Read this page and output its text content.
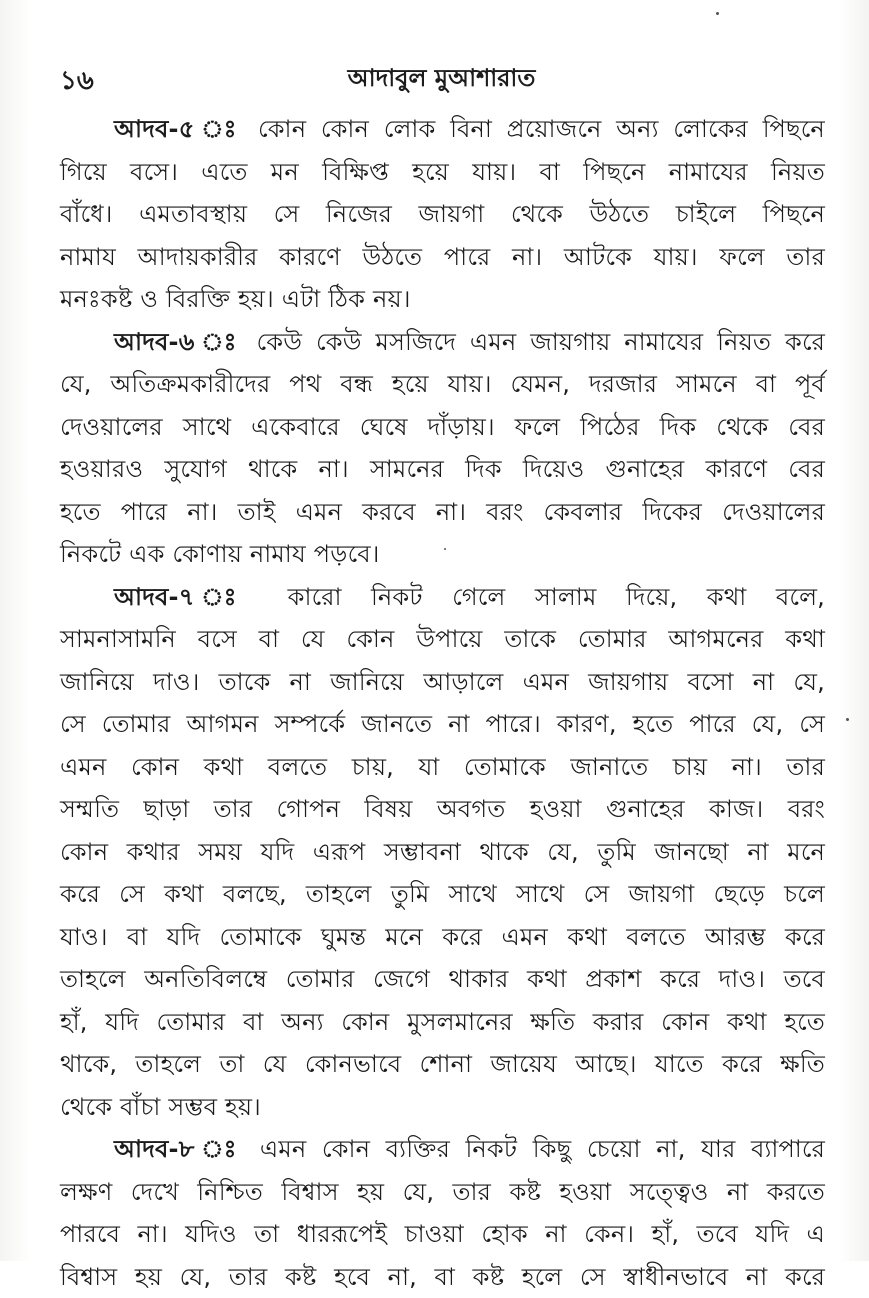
১৬	আদাবুল মুআশারাত
আদব-৫ ঃ কোন কোন লোক বিনা প্রয়োজনে অন্য লোকের পিছনে
গিয়ে বসে। এতে মন বিক্ষিপ্ত হয়ে যায়। বা পিছনে নামাযের নিয়ত
বাঁধে। এমতাবস্থায় সে নিজের জায়গা থেকে উঠতে চাইলে পিছনে
নামায আদায়কারীর কারণে উঠতে পারে না। আটকে যায়। ফলে তার
মনঃকষ্ট ও বিরক্তি হয়। এটা ঠিক নয়।
আদব-৬ ঃ কেউ কেউ মসজিদে এমন জায়গায় নামাযের নিয়ত করে
যে, অতিক্রমকারীদের পথ বন্ধ হয়ে যায়। যেমন, দরজার সামনে বা পূর্ব
দেওয়ালের সাথে একেবারে ঘেষে দাঁড়ায়। ফলে পিঠের দিক থেকে বের
হওয়ারও সুযোগ থাকে না। সামনের দিক দিয়েও গুনাহের কারণে বের
হতে পারে না। তাই এমন করবে না। বরং কেবলার দিকের দেওয়ালের
নিকটে এক কোণায় নামায পড়বে।
আদব-৭ ঃ কারো নিকট গেলে সালাম দিয়ে, কথা বলে,
সামনাসামনি বসে বা যে কোন উপায়ে তাকে তোমার আগমনের কথা
জানিয়ে দাও। তাকে না জানিয়ে আড়ালে এমন জায়গায় বসো না যে,
সে তোমার আগমন সম্পর্কে জানতে না পারে। কারণ, হতে পারে যে, সে
এমন কোন কথা বলতে চায়, যা তোমাকে জানাতে চায় না। তার
সম্মতি ছাড়া তার গোপন বিষয় অবগত হওয়া গুনাহের কাজ। বরং
কোন কথার সময় যদি এরূপ সম্ভাবনা থাকে যে, তুমি জানছো না মনে
করে সে কথা বলছে, তাহলে তুমি সাথে সাথে সে জায়গা ছেড়ে চলে
যাও। বা যদি তোমাকে ঘুমন্ত মনে করে এমন কথা বলতে আরম্ভ করে
তাহলে অনতিবিলম্বে তোমার জেগে থাকার কথা প্রকাশ করে দাও। তবে
হাঁ, যদি তোমার বা অন্য কোন মুসলমানের ক্ষতি করার কোন কথা হতে
থাকে, তাহলে তা যে কোনভাবে শোনা জায়েয আছে। যাতে করে ক্ষতি
থেকে বাঁচা সম্ভব হয়।
আদব-৮ ঃ এমন কোন ব্যক্তির নিকট কিছু চেয়ো না, যার ব্যাপারে
লক্ষণ দেখে নিশ্চিত বিশ্বাস হয় যে, তার কষ্ট হওয়া সত্ত্বেও না করতে
পারবে না। যদিও তা ধাররূপেই চাওয়া হোক না কেন। হাঁ, তবে যদি এ
বিশ্বাস হয় যে, তার কষ্ট হবে না, বা কষ্ট হলে সে স্বাধীনভাবে না করে
